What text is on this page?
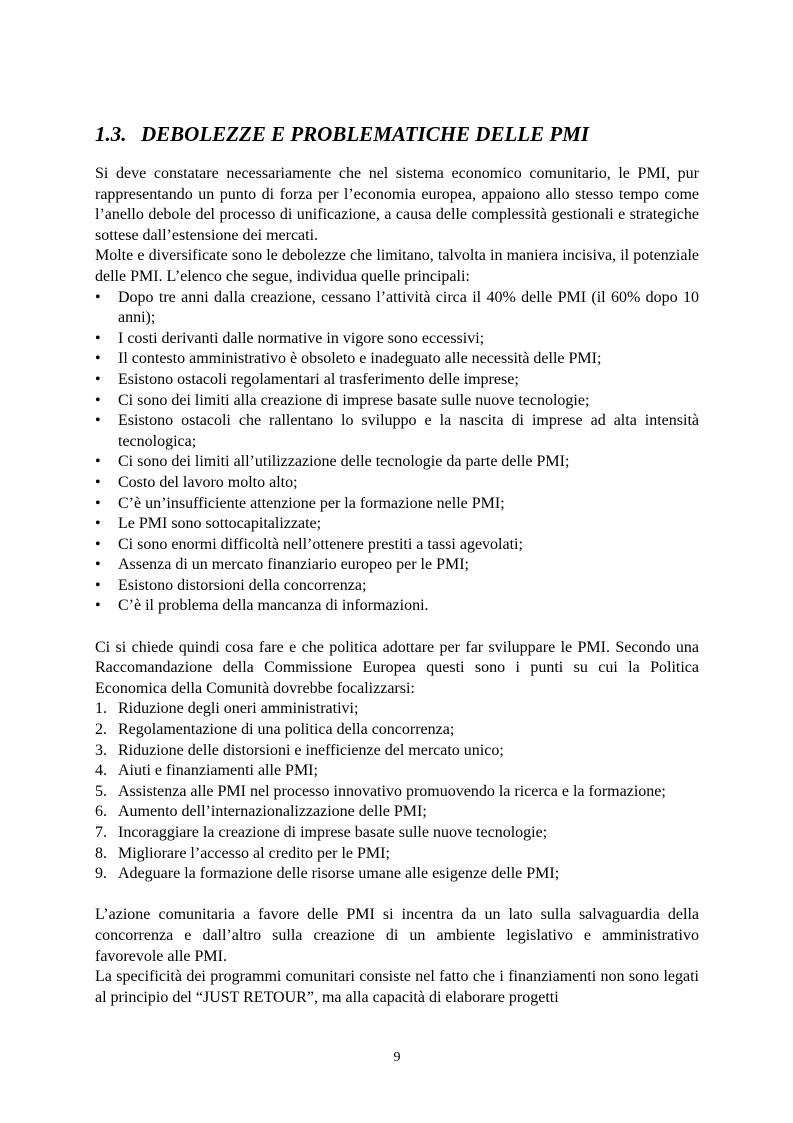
1.3. DEBOLEZZE E PROBLEMATICHE DELLE PMI

Si deve constatare necessariamente che nel sistema economico comunitario, le PMI, pur rappresentando un punto di forza per l’economia europea, appaiono allo stesso tempo come l’anello debole del processo di unificazione, a causa delle complessità gestionali e strategiche sottese dall’estensione dei mercati.

Molte e diversificate sono le debolezze che limitano, talvolta in maniera incisiva, il potenziale delle PMI. L’elenco che segue, individua quelle principali:

• Dopo tre anni dalla creazione, cessano l’attività circa il 40% delle PMI (il 60% dopo 10 anni);
• I costi derivanti dalle normative in vigore sono eccessivi;
• Il contesto amministrativo è obsoleto e inadeguato alle necessità delle PMI;
• Esistono ostacoli regolamentari al trasferimento delle imprese;
• Ci sono dei limiti alla creazione di imprese basate sulle nuove tecnologie;
• Esistono ostacoli che rallentano lo sviluppo e la nascita di imprese ad alta intensità tecnologica;
• Ci sono dei limiti all’utilizzazione delle tecnologie da parte delle PMI;
• Costo del lavoro molto alto;
• C’è un’insufficiente attenzione per la formazione nelle PMI;
• Le PMI sono sottocapitalizzate;
• Ci sono enormi difficoltà nell’ottenere prestiti a tassi agevolati;
• Assenza di un mercato finanziario europeo per le PMI;
• Esistono distorsioni della concorrenza;
• C’è il problema della mancanza di informazioni.

Ci si chiede quindi cosa fare e che politica adottare per far sviluppare le PMI. Secondo una Raccomandazione della Commissione Europea questi sono i punti su cui la Politica Economica della Comunità dovrebbe focalizzarsi:

1. Riduzione degli oneri amministrativi;
2. Regolamentazione di una politica della concorrenza;
3. Riduzione delle distorsioni e inefficienze del mercato unico;
4. Aiuti e finanziamenti alle PMI;
5. Assistenza alle PMI nel processo innovativo promuovendo la ricerca e la formazione;
6. Aumento dell’internazionalizzazione delle PMI;
7. Incoraggiare la creazione di imprese basate sulle nuove tecnologie;
8. Migliorare l’accesso al credito per le PMI;
9. Adeguare la formazione delle risorse umane alle esigenze delle PMI;

L’azione comunitaria a favore delle PMI si incentra da un lato sulla salvaguardia della concorrenza e dall’altro sulla creazione di un ambiente legislativo e amministrativo favorevole alle PMI.

La specificità dei programmi comunitari consiste nel fatto che i finanziamenti non sono legati al principio del “JUST RETOUR”, ma alla capacità di elaborare progetti

9
